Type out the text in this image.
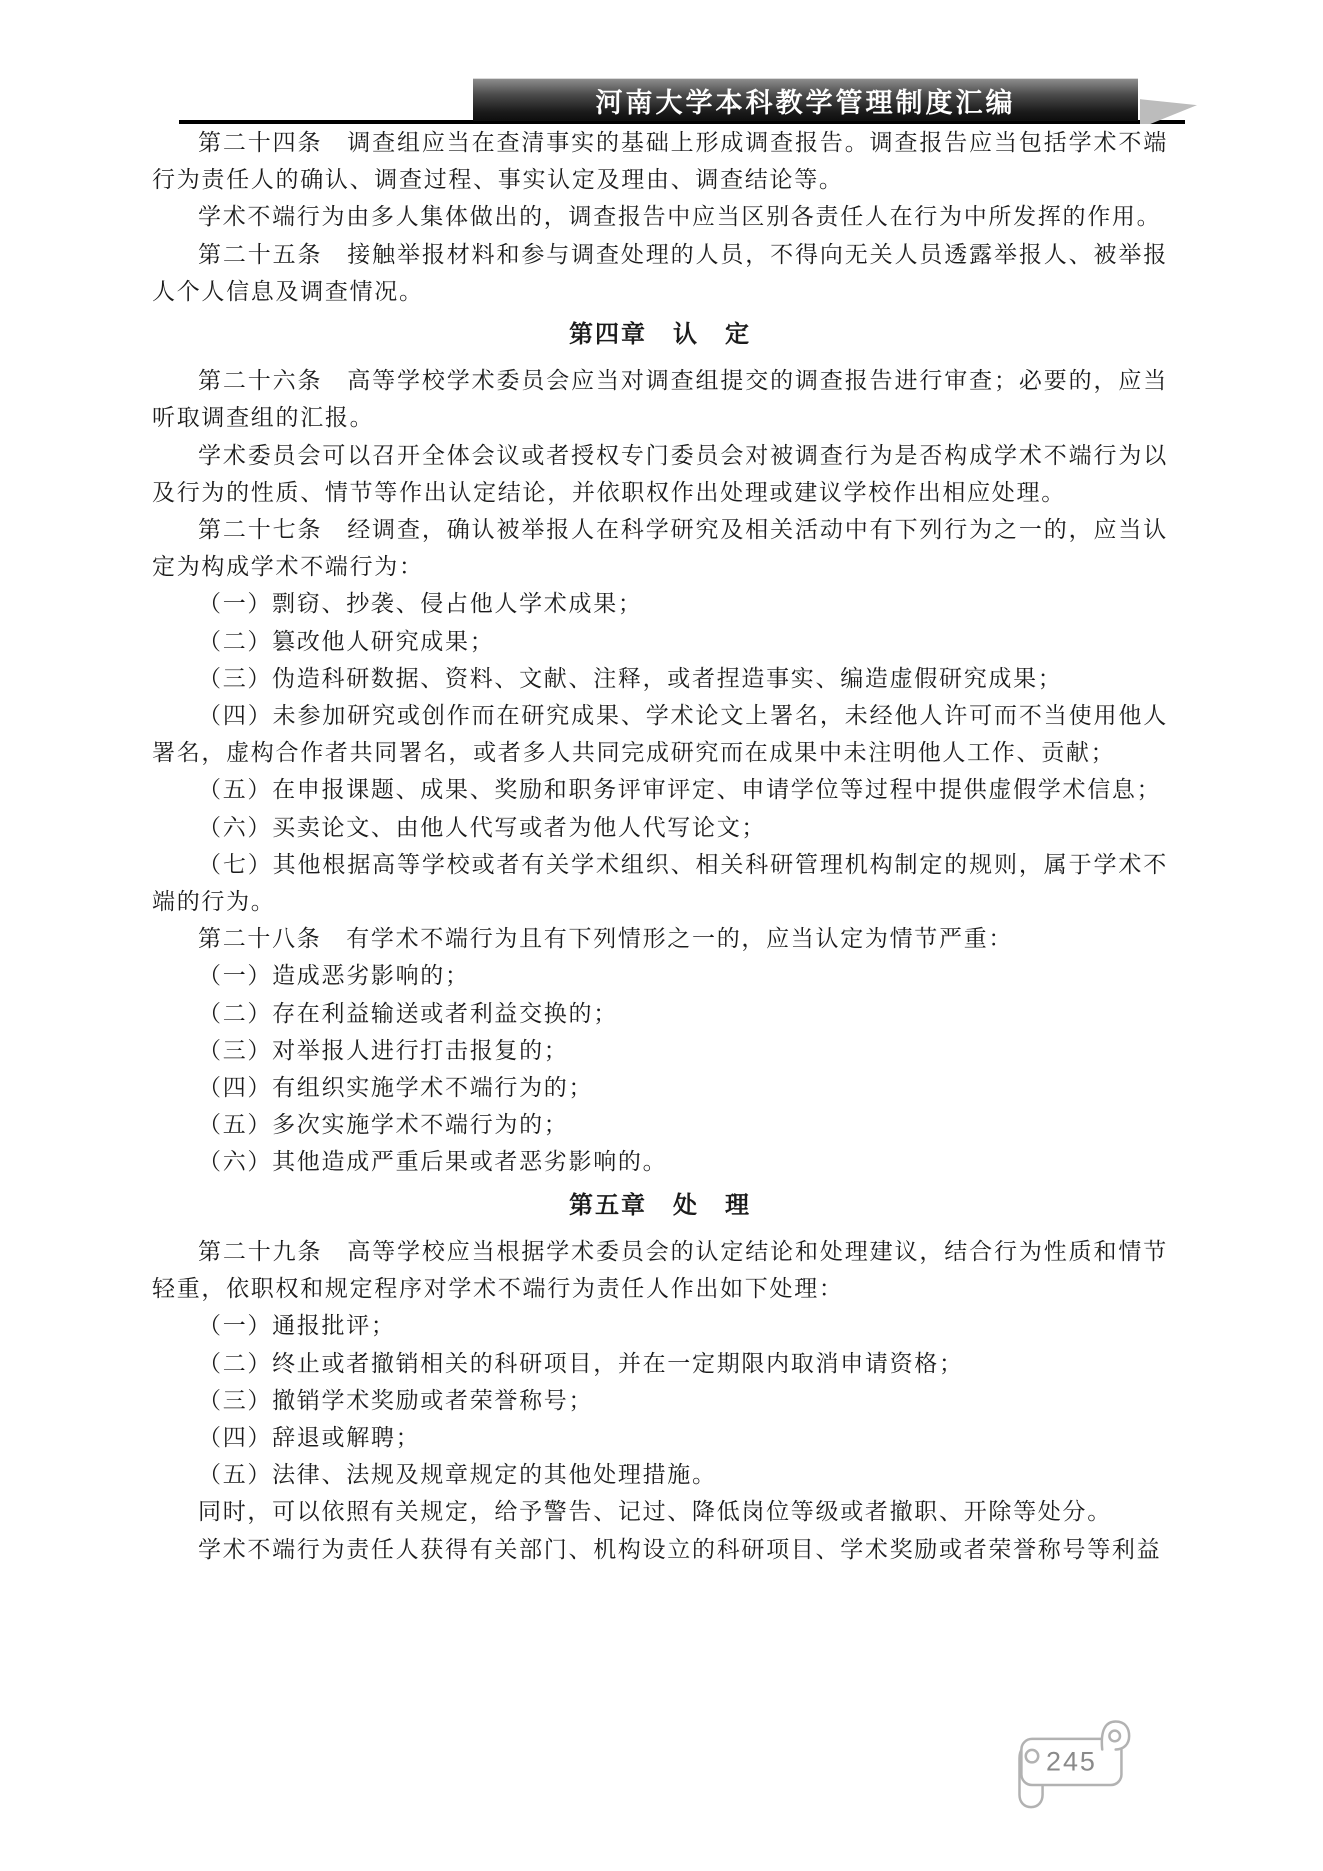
河南大学本科教学管理制度汇编

第二十四条　调查组应当在查清事实的基础上形成调查报告。调查报告应当包括学术不端行为责任人的确认、调查过程、事实认定及理由、调查结论等。

学术不端行为由多人集体做出的，调查报告中应当区别各责任人在行为中所发挥的作用。

第二十五条　接触举报材料和参与调查处理的人员，不得向无关人员透露举报人、被举报人个人信息及调查情况。

第四章　认　定

第二十六条　高等学校学术委员会应当对调查组提交的调查报告进行审查；必要的，应当听取调查组的汇报。

学术委员会可以召开全体会议或者授权专门委员会对被调查行为是否构成学术不端行为以及行为的性质、情节等作出认定结论，并依职权作出处理或建议学校作出相应处理。

第二十七条　经调查，确认被举报人在科学研究及相关活动中有下列行为之一的，应当认定为构成学术不端行为：

（一）剽窃、抄袭、侵占他人学术成果；

（二）篡改他人研究成果；

（三）伪造科研数据、资料、文献、注释，或者捏造事实、编造虚假研究成果；

（四）未参加研究或创作而在研究成果、学术论文上署名，未经他人许可而不当使用他人署名，虚构合作者共同署名，或者多人共同完成研究而在成果中未注明他人工作、贡献；

（五）在申报课题、成果、奖励和职务评审评定、申请学位等过程中提供虚假学术信息；

（六）买卖论文、由他人代写或者为他人代写论文；

（七）其他根据高等学校或者有关学术组织、相关科研管理机构制定的规则，属于学术不端的行为。

第二十八条　有学术不端行为且有下列情形之一的，应当认定为情节严重：

（一）造成恶劣影响的；

（二）存在利益输送或者利益交换的；

（三）对举报人进行打击报复的；

（四）有组织实施学术不端行为的；

（五）多次实施学术不端行为的；

（六）其他造成严重后果或者恶劣影响的。

第五章　处　理

第二十九条　高等学校应当根据学术委员会的认定结论和处理建议，结合行为性质和情节轻重，依职权和规定程序对学术不端行为责任人作出如下处理：

（一）通报批评；

（二）终止或者撤销相关的科研项目，并在一定期限内取消申请资格；

（三）撤销学术奖励或者荣誉称号；

（四）辞退或解聘；

（五）法律、法规及规章规定的其他处理措施。

同时，可以依照有关规定，给予警告、记过、降低岗位等级或者撤职、开除等处分。

学术不端行为责任人获得有关部门、机构设立的科研项目、学术奖励或者荣誉称号等利益

245
